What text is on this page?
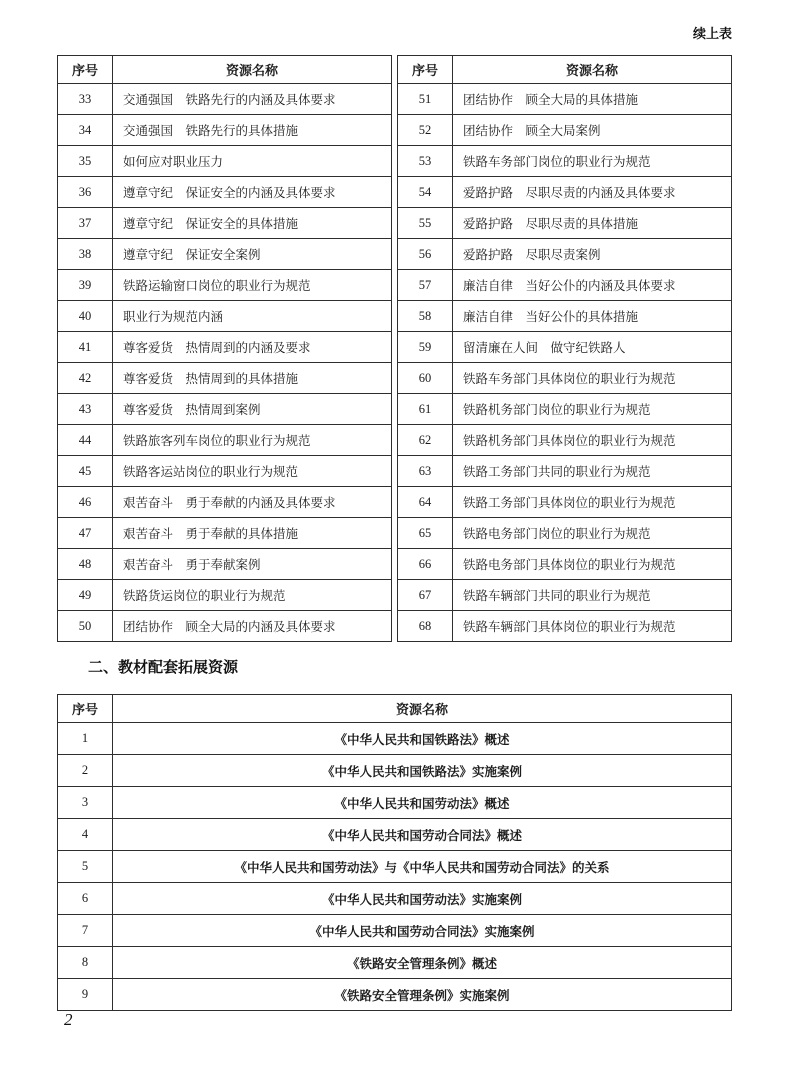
续上表
序号	资源名称
33	交通强国　铁路先行的内涵及具体要求
34	交通强国　铁路先行的具体措施
35	如何应对职业压力
36	遵章守纪　保证安全的内涵及具体要求
37	遵章守纪　保证安全的具体措施
38	遵章守纪　保证安全案例
39	铁路运输窗口岗位的职业行为规范
40	职业行为规范内涵
41	尊客爱货　热情周到的内涵及要求
42	尊客爱货　热情周到的具体措施
43	尊客爱货　热情周到案例
44	铁路旅客列车岗位的职业行为规范
45	铁路客运站岗位的职业行为规范
46	艰苦奋斗　勇于奉献的内涵及具体要求
47	艰苦奋斗　勇于奉献的具体措施
48	艰苦奋斗　勇于奉献案例
49	铁路货运岗位的职业行为规范
50	团结协作　顾全大局的内涵及具体要求
序号	资源名称
51	团结协作　顾全大局的具体措施
52	团结协作　顾全大局案例
53	铁路车务部门岗位的职业行为规范
54	爱路护路　尽职尽责的内涵及具体要求
55	爱路护路　尽职尽责的具体措施
56	爱路护路　尽职尽责案例
57	廉洁自律　当好公仆的内涵及具体要求
58	廉洁自律　当好公仆的具体措施
59	留清廉在人间　做守纪铁路人
60	铁路车务部门具体岗位的职业行为规范
61	铁路机务部门岗位的职业行为规范
62	铁路机务部门具体岗位的职业行为规范
63	铁路工务部门共同的职业行为规范
64	铁路工务部门具体岗位的职业行为规范
65	铁路电务部门岗位的职业行为规范
66	铁路电务部门具体岗位的职业行为规范
67	铁路车辆部门共同的职业行为规范
68	铁路车辆部门具体岗位的职业行为规范
二、教材配套拓展资源
序号	资源名称
1	《中华人民共和国铁路法》概述
2	《中华人民共和国铁路法》实施案例
3	《中华人民共和国劳动法》概述
4	《中华人民共和国劳动合同法》概述
5	《中华人民共和国劳动法》与《中华人民共和国劳动合同法》的关系
6	《中华人民共和国劳动法》实施案例
7	《中华人民共和国劳动合同法》实施案例
8	《铁路安全管理条例》概述
9	《铁路安全管理条例》实施案例
2
